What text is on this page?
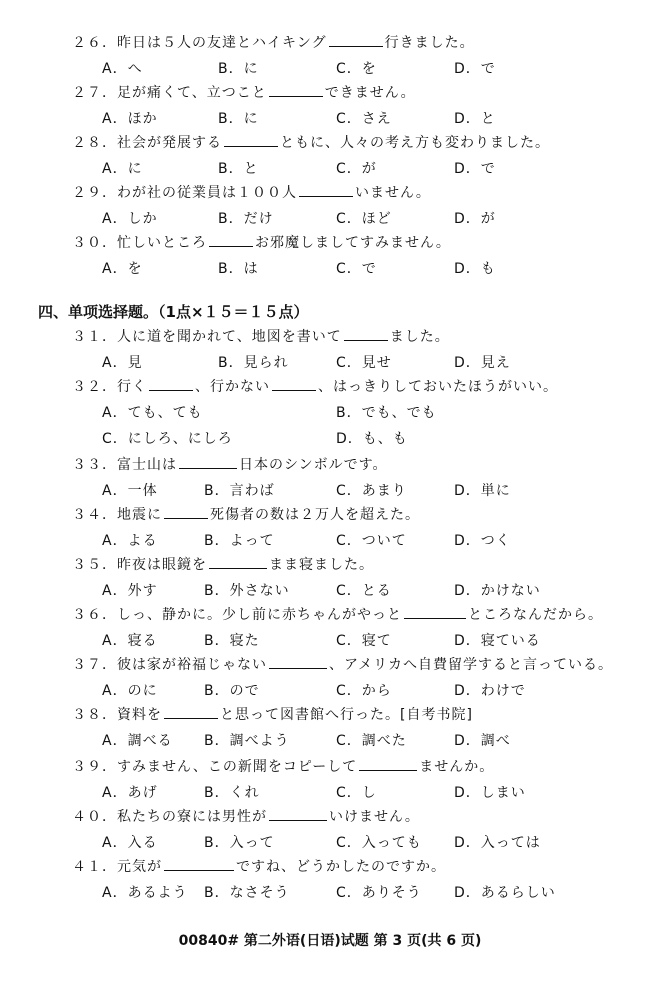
２６．昨日は５人の友達とハイキング	行きました。
A．へ	B．に	C．を	D．で
２７．足が痛くて、立つこと	できません。
A．ほか	B．に	C．さえ	D．と
２８．社会が発展する	ともに、人々の考え方も変わりました。
A．に	B．と	C．が	D．で
２９．わが社の従業員は１００人	いません。
A．しか	B．だけ	C．ほど	D．が
３０．忙しいところ	お邪魔しましてすみません。
A．を	B．は	C．で	D．も
四、单项选择题。（1点×１５＝１５点）
３１．人に道を聞かれて、地図を書いて	ました。
A．見	B．見られ	C．見せ	D．見え
３２．行く	、行かない	、はっきりしておいたほうがいい。
A．ても、ても	B．でも、でも
C．にしろ、にしろ	D．も、も
３３．富士山は	日本のシンボルです。
A．一体	B．言わば	C．あまり	D．単に
３４．地震に	死傷者の数は２万人を超えた。
A．よる	B．よって	C．ついて	D．つく
３５．昨夜は眼鏡を	まま寝ました。
A．外す	B．外さない	C．とる	D．かけない
３６．しっ、静かに。少し前に赤ちゃんがやっと	ところなんだから。
A．寝る	B．寝た	C．寝て	D．寝ている
３７．彼は家が裕福じゃない	、アメリカへ自費留学すると言っている。
A．のに	B．ので	C．から	D．わけで
３８．資料を	と思って図書館へ行った。[自考书院]
A．調べる B．調べよう	C．調べた	D．調べ
３９．すみません、この新聞をコピーして	ませんか。
A．あげ	B．くれ	C．し	D．しまい
４０．私たちの寮には男性が	いけません。
A．入る	B．入って	C．入っても D．入っては
４１．元気が	ですね、どうかしたのですか。
A．あるよう B．なさそう	C．ありそう D．あるらしい
00840# 第二外语(日语)试题 第 3 页(共 6 页)
